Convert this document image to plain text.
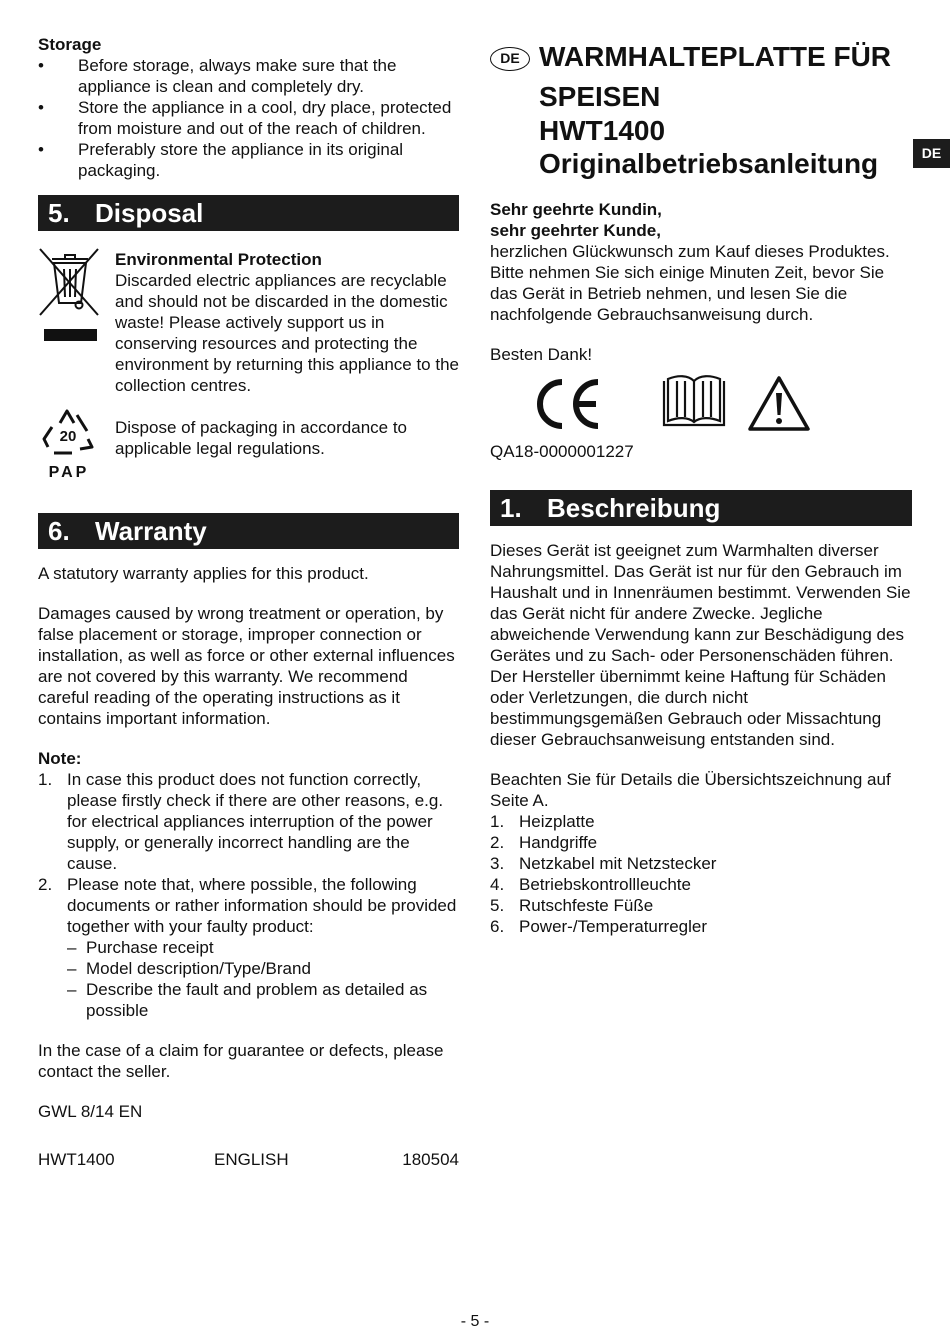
Storage

• Before storage, always make sure that the appliance is clean and completely dry.
• Store the appliance in a cool, dry place, protected from moisture and out of the reach of children.
• Preferably store the appliance in its original packaging.
5. Disposal

Environmental Protection

Discarded electric appliances are recyclable and should not be discarded in the domestic waste! Please actively support us in conserving resources and protecting the environment by returning this appliance to the collection centres.

20
PAP
Dispose of packaging in accordance to applicable legal regulations.
6. Warranty

A statutory warranty applies for this product.

Damages caused by wrong treatment or operation, by false placement or storage, improper connection or installation, as well as force or other external influences are not covered by this warranty. We recommend careful reading of the operating instructions as it contains important information.

Note:

1. In case this product does not function correctly, please firstly check if there are other reasons, e.g. for electrical appliances interruption of the power supply, or generally incorrect handling are the cause.
2. Please note that, where possible, the following documents or rather information should be provided together with your faulty product:
– Purchase receipt
– Model description/Type/Brand
– Describe the fault and problem as detailed as possible

In the case of a claim for guarantee or defects, please contact the seller.

GWL 8/14 EN

HWT1400	ENGLISH	180504
DE WARMHALTEPLATTE FÜR
SPEISEN
HWT1400
Originalbetriebsanleitung

Sehr geehrte Kundin,

sehr geehrter Kunde,

herzlichen Glückwunsch zum Kauf dieses Produktes. Bitte nehmen Sie sich einige Minuten Zeit, bevor Sie das Gerät in Betrieb nehmen, und lesen Sie die nachfolgende Gebrauchsanweisung durch.

Besten Dank!

QA18-0000001227

1. Beschreibung

Dieses Gerät ist geeignet zum Warmhalten diverser Nahrungsmittel. Das Gerät ist nur für den Gebrauch im Haushalt und in Innenräumen bestimmt. Verwenden Sie das Gerät nicht für andere Zwecke. Jegliche abweichende Verwendung kann zur Beschädigung des Gerätes und zu Sach- oder Personenschäden führen. Der Hersteller übernimmt keine Haftung für Schäden oder Verletzungen, die durch nicht bestimmungsgemäßen Gebrauch oder Missachtung dieser Gebrauchsanweisung entstanden sind.

Beachten Sie für Details die Übersichtszeichnung auf Seite A.

1. Heizplatte
2. Handgriffe
3. Netzkabel mit Netzstecker
4. Betriebskontrollleuchte
5. Rutschfeste Füße
6. Power-/Temperaturregler
DE
- 5 -
